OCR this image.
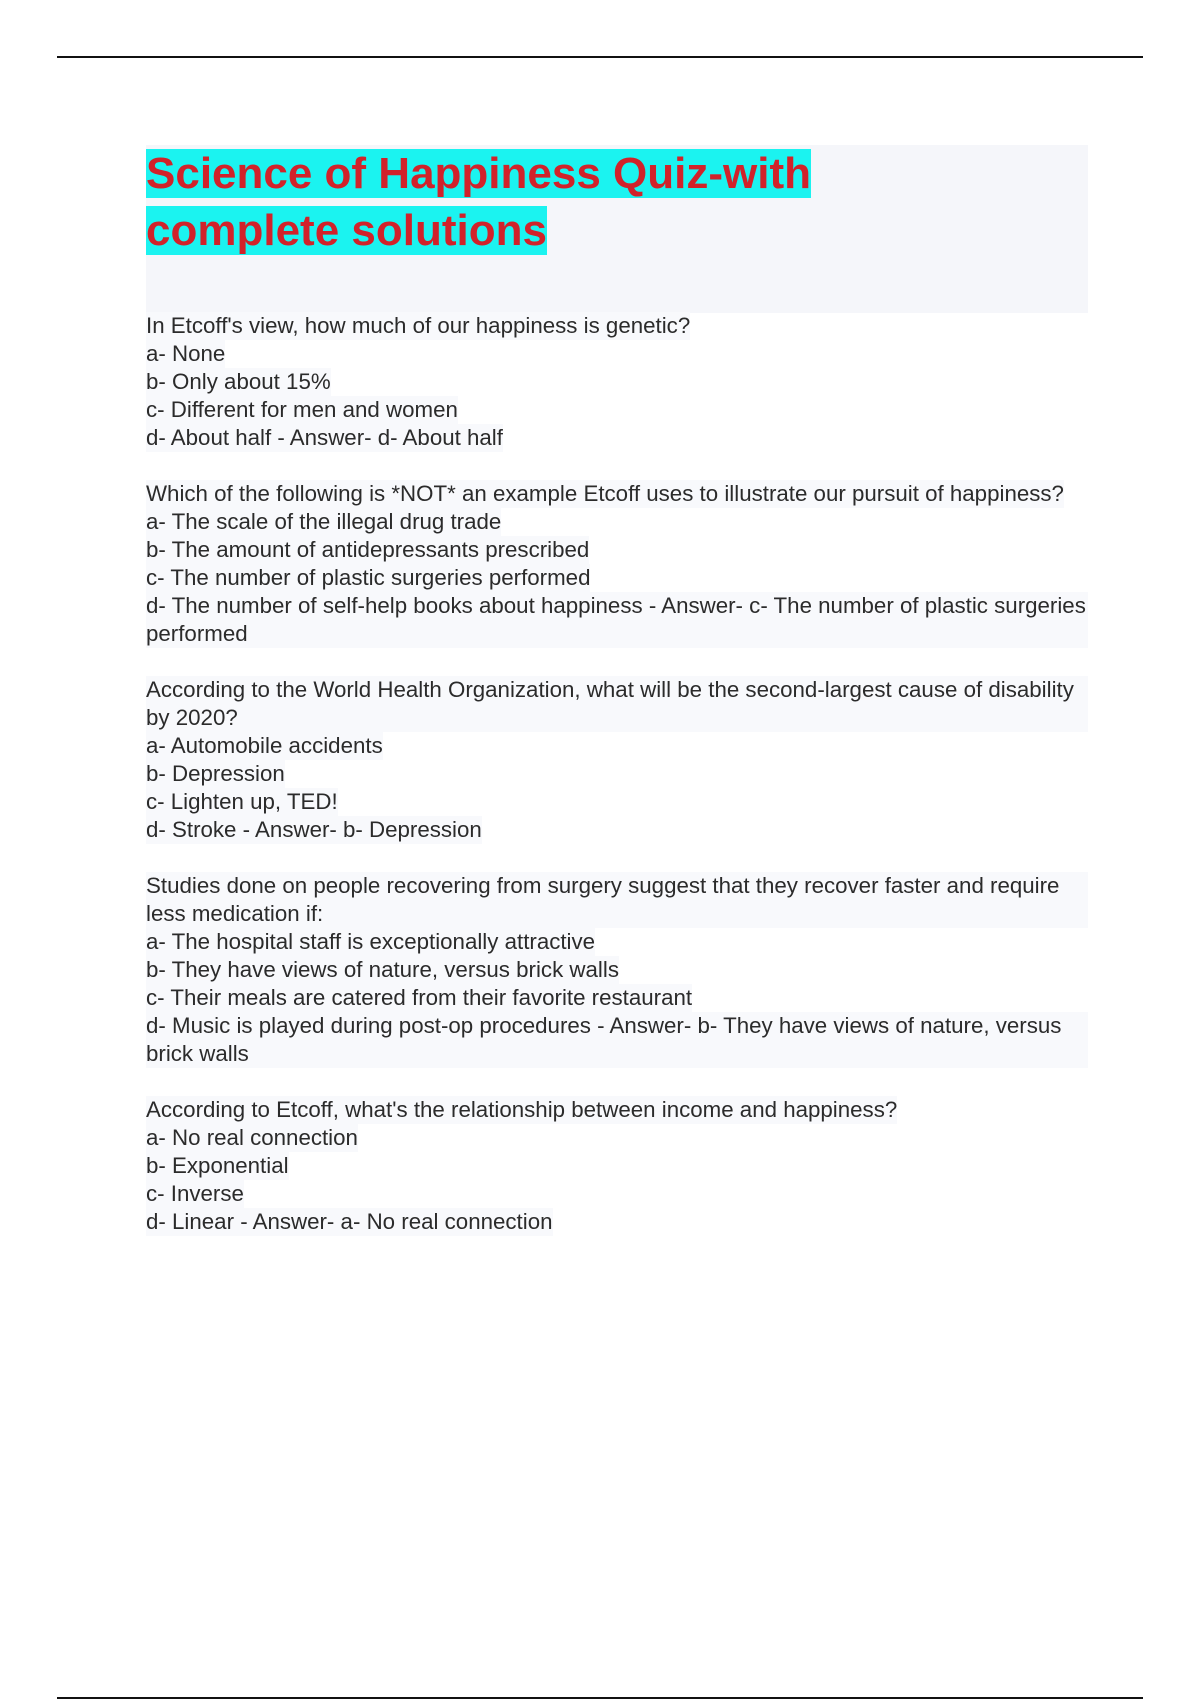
Science of Happiness Quiz-with
complete solutions
In Etcoff's view, how much of our happiness is genetic?
a- None
b- Only about 15%
c- Different for men and women
d- About half - Answer- d- About half
Which of the following is *NOT* an example Etcoff uses to illustrate our pursuit of happiness?
a- The scale of the illegal drug trade
b- The amount of antidepressants prescribed
c- The number of plastic surgeries performed
d- The number of self-help books about happiness - Answer- c- The number of plastic surgeries performed
According to the World Health Organization, what will be the second-largest cause of disability by 2020?
a- Automobile accidents
b- Depression
c- Lighten up, TED!
d- Stroke - Answer- b- Depression
Studies done on people recovering from surgery suggest that they recover faster and require less medication if:
a- The hospital staff is exceptionally attractive
b- They have views of nature, versus brick walls
c- Their meals are catered from their favorite restaurant
d- Music is played during post-op procedures - Answer- b- They have views of nature, versus brick walls
According to Etcoff, what's the relationship between income and happiness?
a- No real connection
b- Exponential
c- Inverse
d- Linear - Answer- a- No real connection
